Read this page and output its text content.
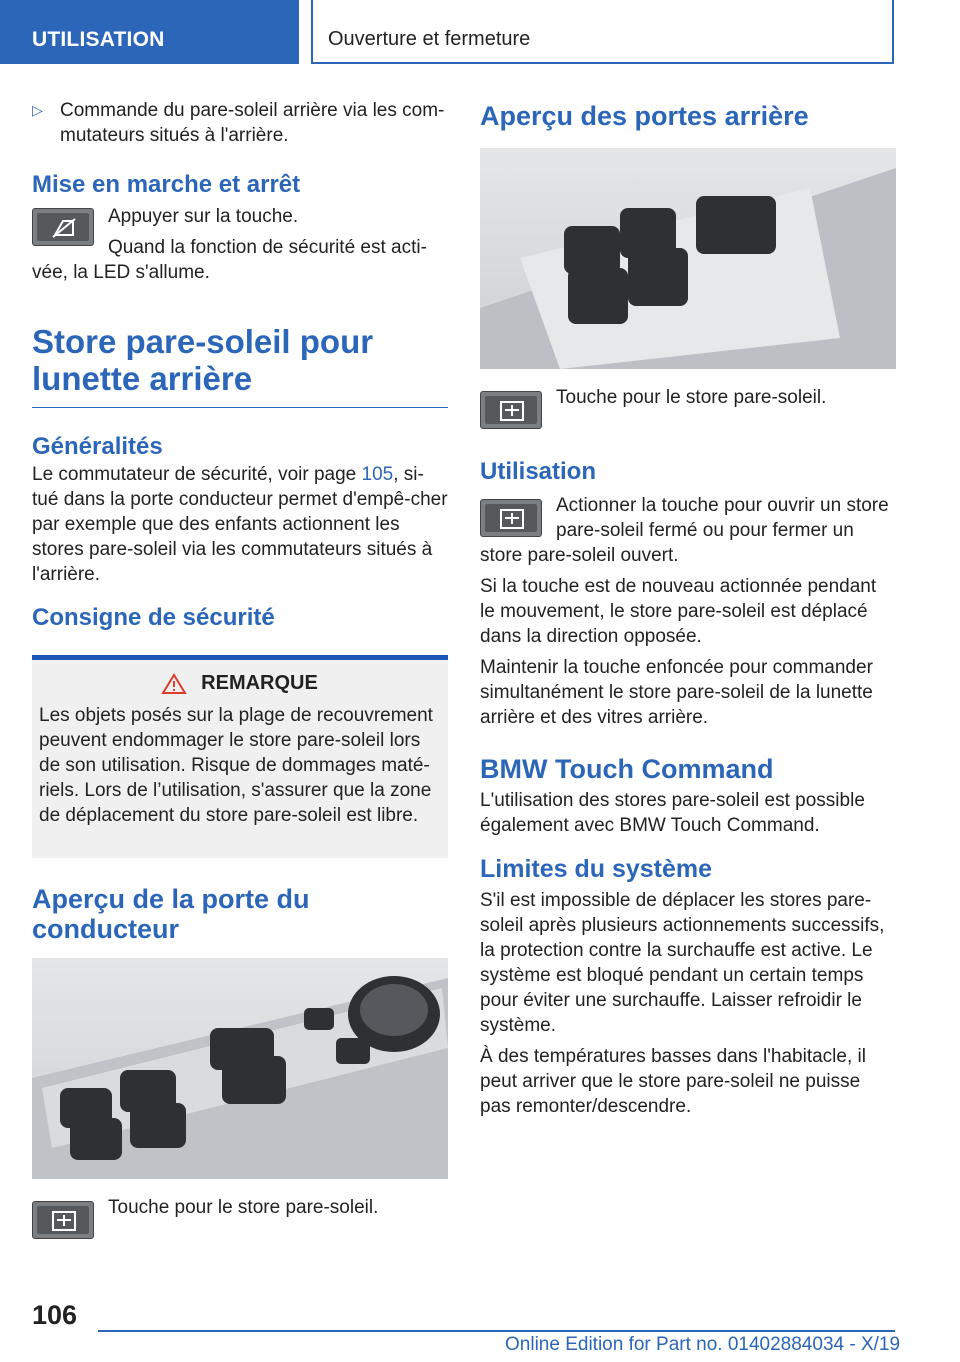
UTILISATION	Ouverture et fermeture
▷ Commande du pare-soleil arrière via les com-mutateurs situés à l'arrière.

Mise en marche et arrêt

Appuyer sur la touche.

Quand la fonction de sécurité est acti-vée, la LED s'allume.

Store pare-soleil pour lunette arrière
Généralités

Le commutateur de sécurité, voir page 105, si-tué dans la porte conducteur permet d'empê-cher par exemple que des enfants actionnent les stores pare-soleil via les commutateurs situés à l'arrière.

Consigne de sécurité
REMARQUE

Les objets posés sur la plage de recouvrement peuvent endommager le store pare-soleil lors de son utilisation. Risque de dommages maté-riels. Lors de l’utilisation, s'assurer que la zone de déplacement du store pare-soleil est libre.

Aperçu de la porte du conducteur

Touche pour le store pare-soleil.

Aperçu des portes arrière

Touche pour le store pare-soleil.

Utilisation

Actionner la touche pour ouvrir un store pare-soleil fermé ou pour fermer un store pare-soleil ouvert.

Si la touche est de nouveau actionnée pendant le mouvement, le store pare-soleil est déplacé dans la direction opposée.

Maintenir la touche enfoncée pour commander simultanément le store pare-soleil de la lunette arrière et des vitres arrière.

BMW Touch Command

L'utilisation des stores pare-soleil est possible également avec BMW Touch Command.

Limites du système

S'il est impossible de déplacer les stores pare-soleil après plusieurs actionnements successifs, la protection contre la surchauffe est active. Le système est bloqué pendant un certain temps pour éviter une surchauffe. Laisser refroidir le système.

À des températures basses dans l'habitacle, il peut arriver que le store pare-soleil ne puisse pas remonter/descendre.

106
Online Edition for Part no. 01402884034 - X/19
